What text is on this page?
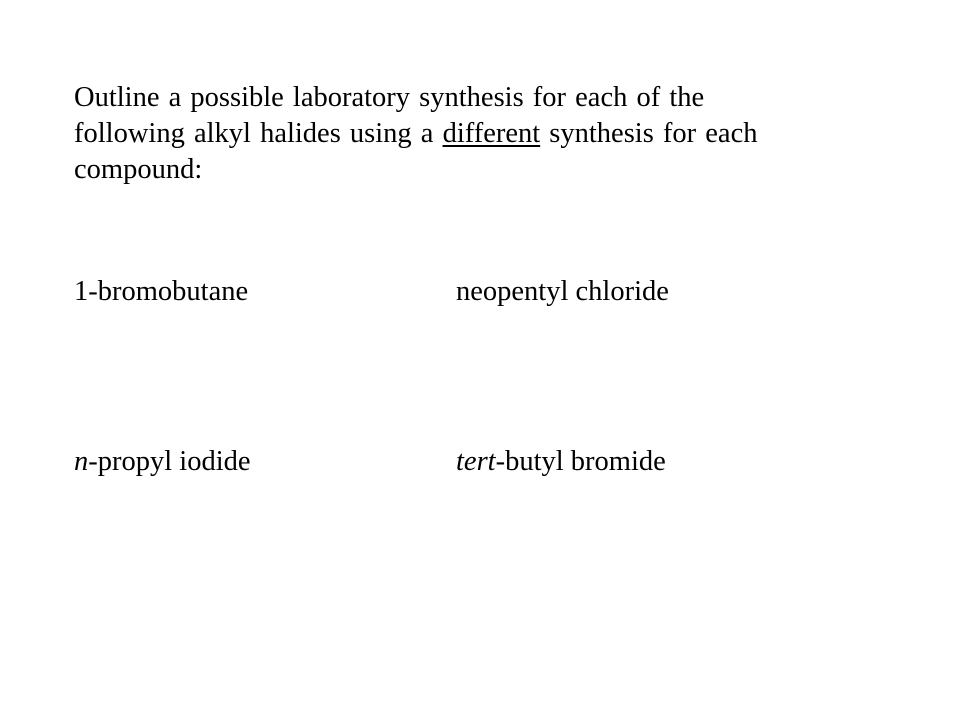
Outline a possible laboratory synthesis for each of the
following alkyl halides using a different synthesis for each
compound:

1-bromobutane	neopentyl chloride

n-propyl iodide	tert-butyl bromide
